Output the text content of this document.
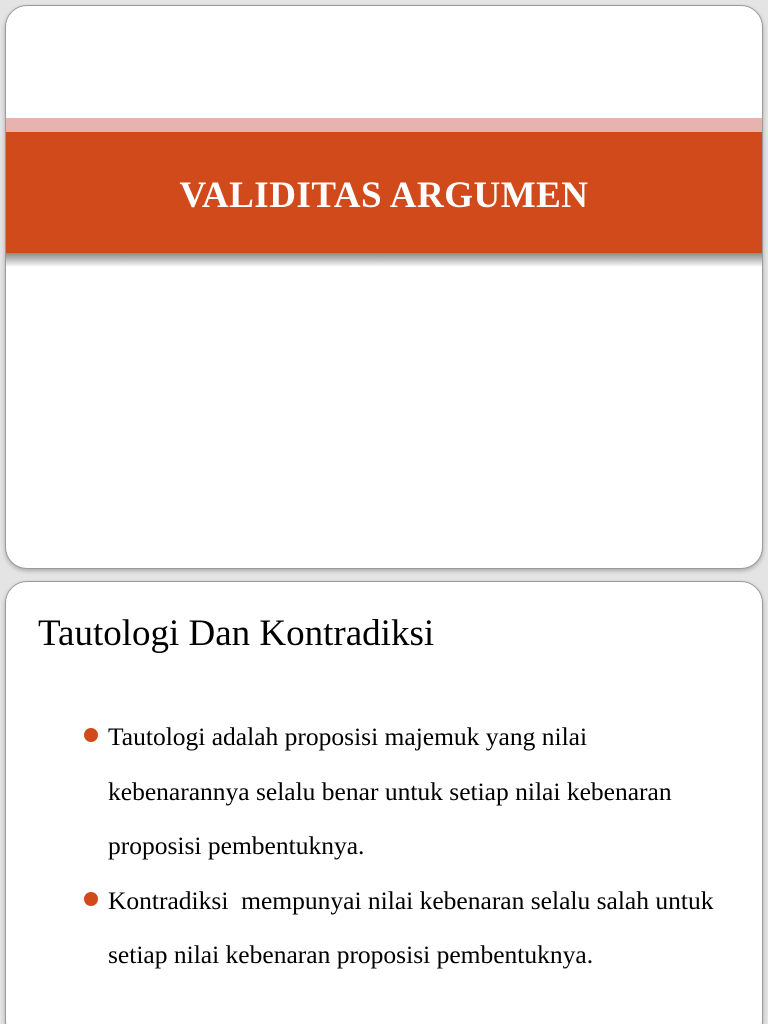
VALIDITAS ARGUMEN
Tautologi Dan Kontradiksi
Tautologi adalah proposisi majemuk yang nilai kebenarannya selalu benar untuk setiap nilai kebenaran proposisi pembentuknya.
Kontradiksi  mempunyai nilai kebenaran selalu salah untuk setiap nilai kebenaran proposisi pembentuknya.
